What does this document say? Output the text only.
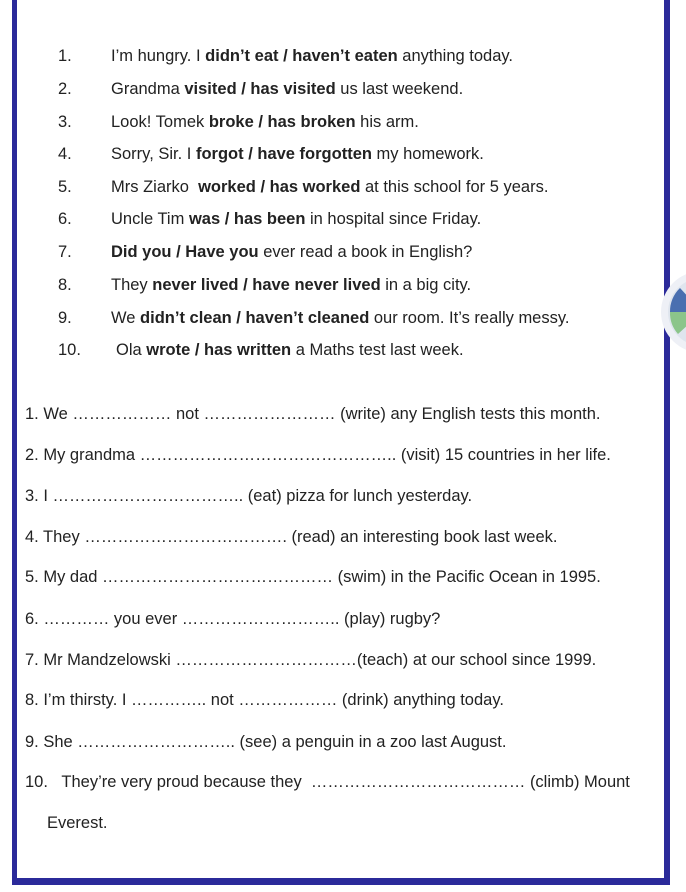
1. I’m hungry. I didn’t eat / haven’t eaten anything today.
2. Grandma visited / has visited us last weekend.
3. Look! Tomek broke / has broken his arm.
4. Sorry, Sir. I forgot / have forgotten my homework.
5. Mrs Ziarko  worked / has worked at this school for 5 years.
6. Uncle Tim was / has been in hospital since Friday.
7. Did you / Have you ever read a book in English?
8. They never lived / have never lived in a big city.
9. We didn’t clean / haven’t cleaned our room. It’s really messy.
10. Ola wrote / has written a Maths test last week.
1. We ……………… not …………………… (write) any English tests this month.
2. My grandma ……………………………………….. (visit) 15 countries in her life.
3. I …………………………….. (eat) pizza for lunch yesterday.
4. They ………………………………. (read) an interesting book last week.
5. My dad …………………………………… (swim) in the Pacific Ocean in 1995.
6. ………… you ever ……………………….. (play) rugby?
7. Mr Mandzelowski ……………………………(teach) at our school since 1999.
8. I’m thirsty. I ………….. not ……………… (drink) anything today.
9. She ……………………….. (see) a penguin in a zoo last August.
10.   They’re very proud because they  ………………………………… (climb) Mount
Everest.
